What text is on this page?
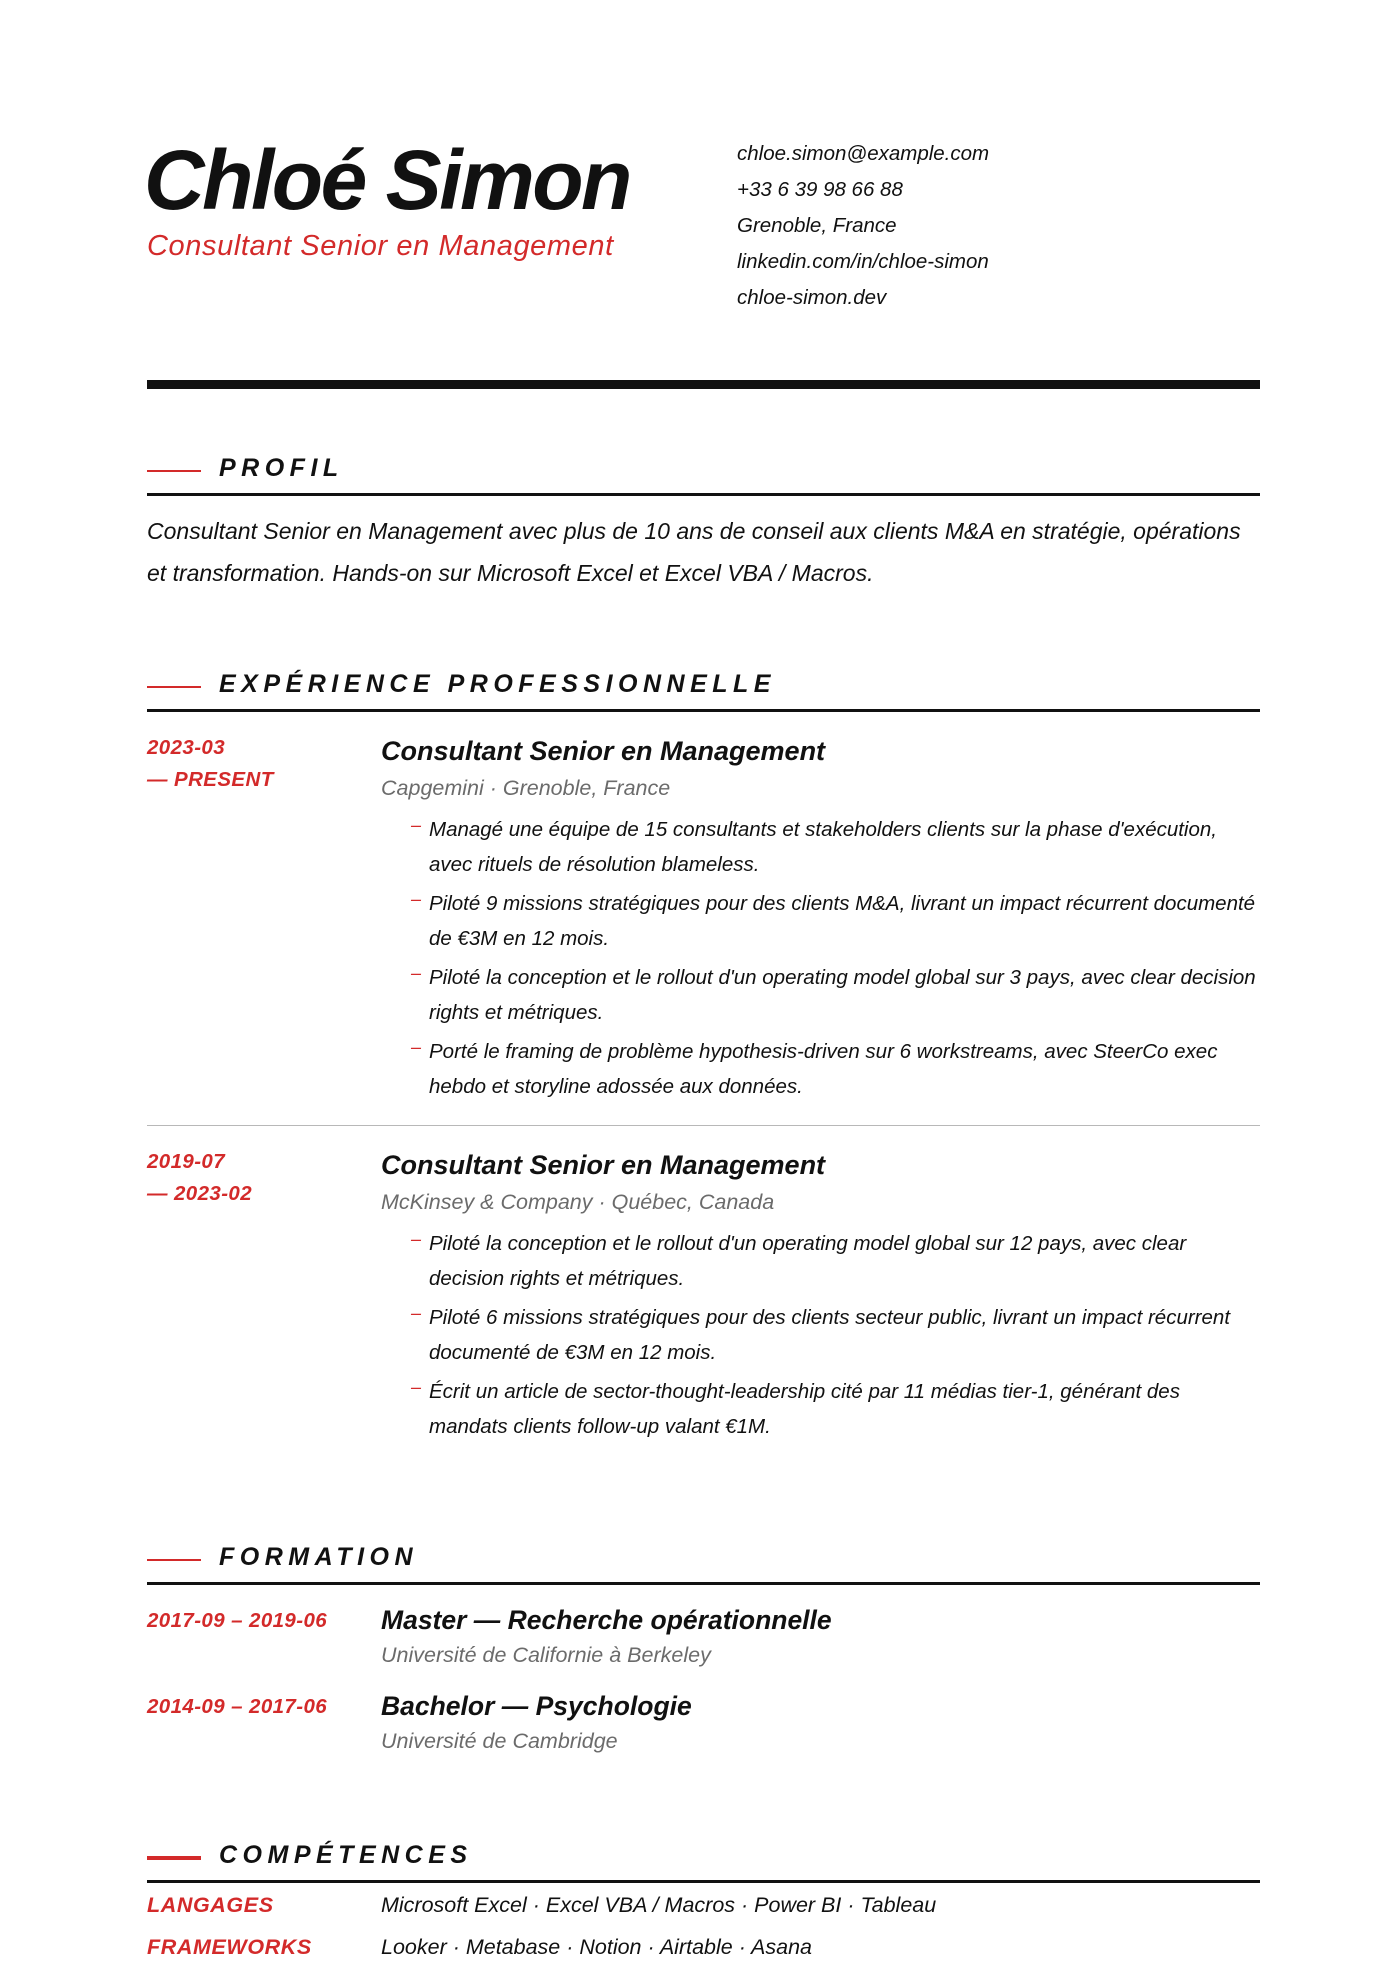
Chloé Simon
Consultant Senior en Management
chloe.simon@example.com
+33 6 39 98 66 88
Grenoble, France
linkedin.com/in/chloe-simon
chloe-simon.dev
PROFIL

Consultant Senior en Management avec plus de 10 ans de conseil aux clients M&A en stratégie, opérations et transformation. Hands-on sur Microsoft Excel et Excel VBA / Macros.

EXPÉRIENCE PROFESSIONNELLE
2023-03
— PRESENT
Consultant Senior en Management
Capgemini · Grenoble, France
– Managé une équipe de 15 consultants et stakeholders clients sur la phase d'exécution, avec rituels de résolution blameless.
– Piloté 9 missions stratégiques pour des clients M&A, livrant un impact récurrent documenté de €3M en 12 mois.
– Piloté la conception et le rollout d'un operating model global sur 3 pays, avec clear decision rights et métriques.
– Porté le framing de problème hypothesis-driven sur 6 workstreams, avec SteerCo exec hebdo et storyline adossée aux données.
2019-07
— 2023-02
Consultant Senior en Management
McKinsey & Company · Québec, Canada
– Piloté la conception et le rollout d'un operating model global sur 12 pays, avec clear decision rights et métriques.
– Piloté 6 missions stratégiques pour des clients secteur public, livrant un impact récurrent documenté de €3M en 12 mois.
– Écrit un article de sector-thought-leadership cité par 11 médias tier-1, générant des mandats clients follow-up valant €1M.
FORMATION
2017-09 – 2019-06	Master — Recherche opérationnelle
Université de Californie à Berkeley
2014-09 – 2017-06	Bachelor — Psychologie
Université de Cambridge
COMPÉTENCES
LANGAGES	Microsoft Excel · Excel VBA / Macros · Power BI · Tableau
FRAMEWORKS	Looker · Metabase · Notion · Airtable · Asana
